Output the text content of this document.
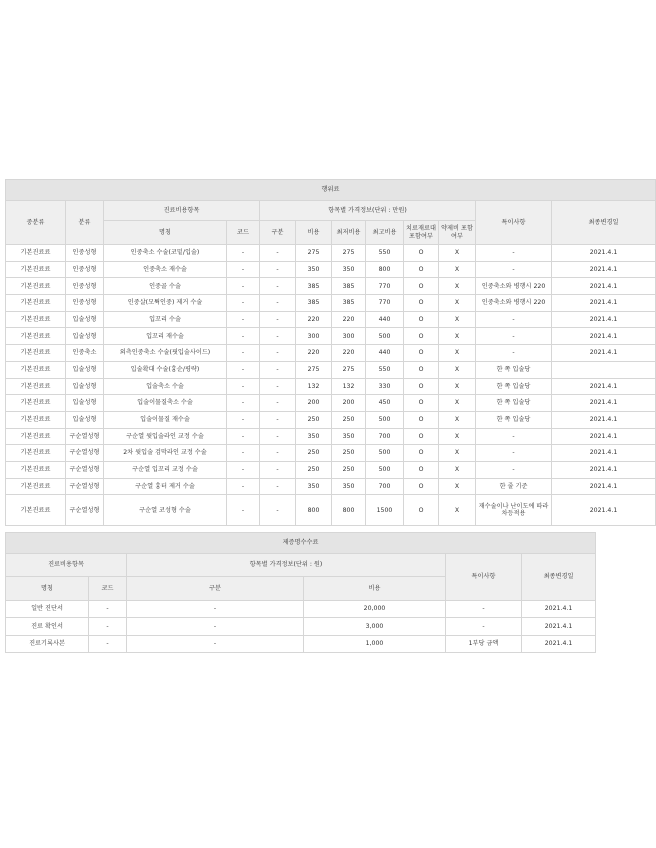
행위료											
중분류	분류	진료비용항목		항목별 가격정보(단위 : 만원)						특이사항	최종변경일
		명칭	코드	구분	비용	최저비용	최고비용	치료재료대 포함여부	약제비 포함여부		
기본진료료	인중성형	인중축소 수술(코밑/입술)	-	-	275	275	550	O	X	-	2021.4.1
기본진료료	인중성형	인중축소 재수술	-	-	350	350	800	O	X	-	2021.4.1
기본진료료	인중성형	인중골 수술	-	-	385	385	770	O	X	인중축소와 병행시 220	2021.4.1
기본진료료	인중성형	인중살(모튁인중) 제거 수술	-	-	385	385	770	O	X	인중축소와 병행시 220	2021.4.1
기본진료료	입술성형	입꼬리 수술	-	-	220	220	440	O	X	-	2021.4.1
기본진료료	입술성형	입꼬리 재수술	-	-	300	300	500	O	X	-	2021.4.1
기본진료료	인중축소	외측인중축소 수술(핏입술사이드)	-	-	220	220	440	O	X	-	2021.4.1
기본진료료	입술성형	입술확대 수술(흉순/평략)	-	-	275	275	550	O	X	한 쪽 입술당	
기본진료료	입술성형	입술축소 수술	-	-	132	132	330	O	X	한 쪽 입술당	2021.4.1
기본진료료	입술성형	입술이물질축소 수술	-	-	200	200	450	O	X	한 쪽 입술당	2021.4.1
기본진료료	입술성형	입술이물질 재수술	-	-	250	250	500	O	X	한 쪽 입술당	2021.4.1
기본진료료	구순열성형	구순열 윗입술라인 교정 수술	-	-	350	350	700	O	X	-	2021.4.1
기본진료료	구순열성형	2차 윗입술 검막라인 교정 수술	-	-	250	250	500	O	X	-	2021.4.1
기본진료료	구순열성형	구순열 입꼬리 교정 수술	-	-	250	250	500	O	X	-	2021.4.1
기본진료료	구순열성형	구순열 흉터 제거 수술	-	-	350	350	700	O	X	한 줄 기준	2021.4.1
기본진료료	구순열성형	구순열 코성형 수술	-	-	800	800	1500	O	X	재수술이나 난이도에 따라 차등적용	2021.4.1
제증명수수료					
진료비용항목		항목별 가격정보(단위 : 원)		특이사항	최종변경일
명칭	코드	구분	비용		
일반 진단서	-	-	20,000	-	2021.4.1
진료 확인서	-	-	3,000	-	2021.4.1
진료기록사본	-	-	1,000	1부당 금액	2021.4.1
